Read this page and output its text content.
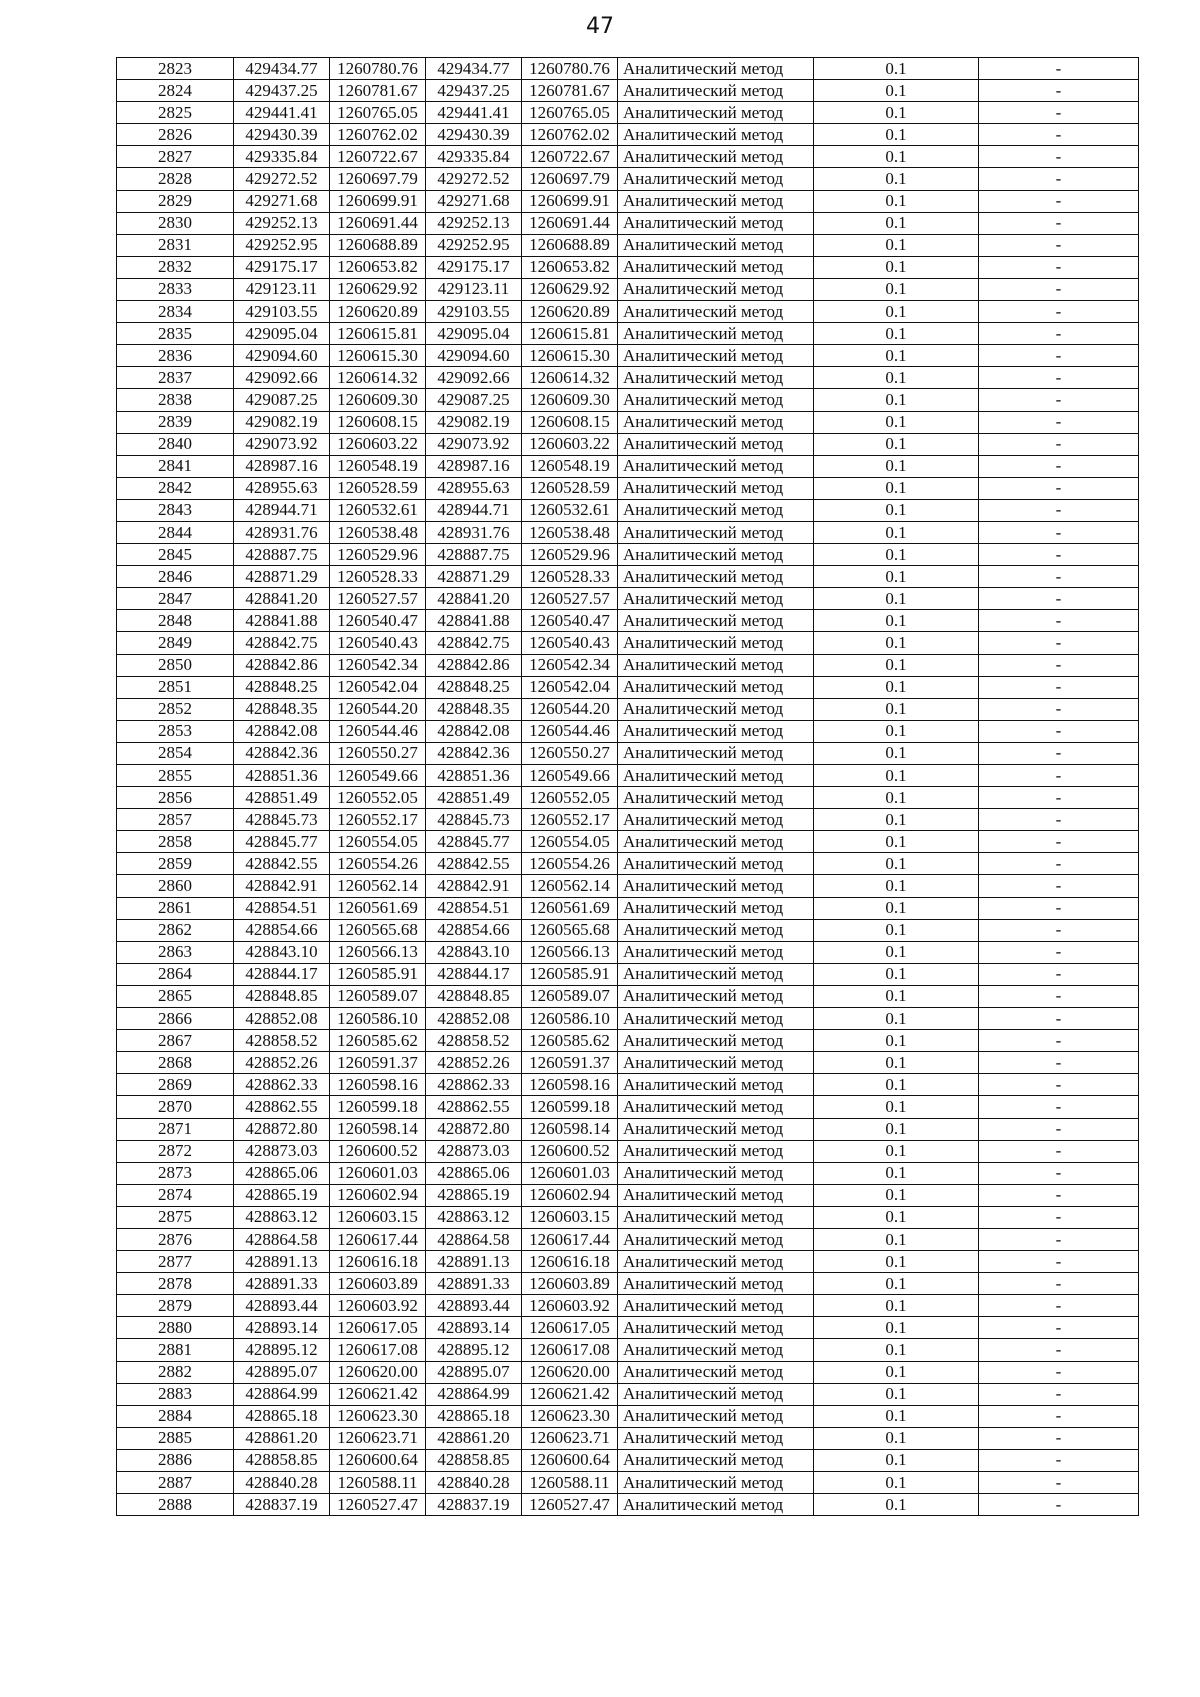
47
2823	429434.77	1260780.76	429434.77	1260780.76	Аналитический метод	0.1	-
2824	429437.25	1260781.67	429437.25	1260781.67	Аналитический метод	0.1	-
2825	429441.41	1260765.05	429441.41	1260765.05	Аналитический метод	0.1	-
2826	429430.39	1260762.02	429430.39	1260762.02	Аналитический метод	0.1	-
2827	429335.84	1260722.67	429335.84	1260722.67	Аналитический метод	0.1	-
2828	429272.52	1260697.79	429272.52	1260697.79	Аналитический метод	0.1	-
2829	429271.68	1260699.91	429271.68	1260699.91	Аналитический метод	0.1	-
2830	429252.13	1260691.44	429252.13	1260691.44	Аналитический метод	0.1	-
2831	429252.95	1260688.89	429252.95	1260688.89	Аналитический метод	0.1	-
2832	429175.17	1260653.82	429175.17	1260653.82	Аналитический метод	0.1	-
2833	429123.11	1260629.92	429123.11	1260629.92	Аналитический метод	0.1	-
2834	429103.55	1260620.89	429103.55	1260620.89	Аналитический метод	0.1	-
2835	429095.04	1260615.81	429095.04	1260615.81	Аналитический метод	0.1	-
2836	429094.60	1260615.30	429094.60	1260615.30	Аналитический метод	0.1	-
2837	429092.66	1260614.32	429092.66	1260614.32	Аналитический метод	0.1	-
2838	429087.25	1260609.30	429087.25	1260609.30	Аналитический метод	0.1	-
2839	429082.19	1260608.15	429082.19	1260608.15	Аналитический метод	0.1	-
2840	429073.92	1260603.22	429073.92	1260603.22	Аналитический метод	0.1	-
2841	428987.16	1260548.19	428987.16	1260548.19	Аналитический метод	0.1	-
2842	428955.63	1260528.59	428955.63	1260528.59	Аналитический метод	0.1	-
2843	428944.71	1260532.61	428944.71	1260532.61	Аналитический метод	0.1	-
2844	428931.76	1260538.48	428931.76	1260538.48	Аналитический метод	0.1	-
2845	428887.75	1260529.96	428887.75	1260529.96	Аналитический метод	0.1	-
2846	428871.29	1260528.33	428871.29	1260528.33	Аналитический метод	0.1	-
2847	428841.20	1260527.57	428841.20	1260527.57	Аналитический метод	0.1	-
2848	428841.88	1260540.47	428841.88	1260540.47	Аналитический метод	0.1	-
2849	428842.75	1260540.43	428842.75	1260540.43	Аналитический метод	0.1	-
2850	428842.86	1260542.34	428842.86	1260542.34	Аналитический метод	0.1	-
2851	428848.25	1260542.04	428848.25	1260542.04	Аналитический метод	0.1	-
2852	428848.35	1260544.20	428848.35	1260544.20	Аналитический метод	0.1	-
2853	428842.08	1260544.46	428842.08	1260544.46	Аналитический метод	0.1	-
2854	428842.36	1260550.27	428842.36	1260550.27	Аналитический метод	0.1	-
2855	428851.36	1260549.66	428851.36	1260549.66	Аналитический метод	0.1	-
2856	428851.49	1260552.05	428851.49	1260552.05	Аналитический метод	0.1	-
2857	428845.73	1260552.17	428845.73	1260552.17	Аналитический метод	0.1	-
2858	428845.77	1260554.05	428845.77	1260554.05	Аналитический метод	0.1	-
2859	428842.55	1260554.26	428842.55	1260554.26	Аналитический метод	0.1	-
2860	428842.91	1260562.14	428842.91	1260562.14	Аналитический метод	0.1	-
2861	428854.51	1260561.69	428854.51	1260561.69	Аналитический метод	0.1	-
2862	428854.66	1260565.68	428854.66	1260565.68	Аналитический метод	0.1	-
2863	428843.10	1260566.13	428843.10	1260566.13	Аналитический метод	0.1	-
2864	428844.17	1260585.91	428844.17	1260585.91	Аналитический метод	0.1	-
2865	428848.85	1260589.07	428848.85	1260589.07	Аналитический метод	0.1	-
2866	428852.08	1260586.10	428852.08	1260586.10	Аналитический метод	0.1	-
2867	428858.52	1260585.62	428858.52	1260585.62	Аналитический метод	0.1	-
2868	428852.26	1260591.37	428852.26	1260591.37	Аналитический метод	0.1	-
2869	428862.33	1260598.16	428862.33	1260598.16	Аналитический метод	0.1	-
2870	428862.55	1260599.18	428862.55	1260599.18	Аналитический метод	0.1	-
2871	428872.80	1260598.14	428872.80	1260598.14	Аналитический метод	0.1	-
2872	428873.03	1260600.52	428873.03	1260600.52	Аналитический метод	0.1	-
2873	428865.06	1260601.03	428865.06	1260601.03	Аналитический метод	0.1	-
2874	428865.19	1260602.94	428865.19	1260602.94	Аналитический метод	0.1	-
2875	428863.12	1260603.15	428863.12	1260603.15	Аналитический метод	0.1	-
2876	428864.58	1260617.44	428864.58	1260617.44	Аналитический метод	0.1	-
2877	428891.13	1260616.18	428891.13	1260616.18	Аналитический метод	0.1	-
2878	428891.33	1260603.89	428891.33	1260603.89	Аналитический метод	0.1	-
2879	428893.44	1260603.92	428893.44	1260603.92	Аналитический метод	0.1	-
2880	428893.14	1260617.05	428893.14	1260617.05	Аналитический метод	0.1	-
2881	428895.12	1260617.08	428895.12	1260617.08	Аналитический метод	0.1	-
2882	428895.07	1260620.00	428895.07	1260620.00	Аналитический метод	0.1	-
2883	428864.99	1260621.42	428864.99	1260621.42	Аналитический метод	0.1	-
2884	428865.18	1260623.30	428865.18	1260623.30	Аналитический метод	0.1	-
2885	428861.20	1260623.71	428861.20	1260623.71	Аналитический метод	0.1	-
2886	428858.85	1260600.64	428858.85	1260600.64	Аналитический метод	0.1	-
2887	428840.28	1260588.11	428840.28	1260588.11	Аналитический метод	0.1	-
2888	428837.19	1260527.47	428837.19	1260527.47	Аналитический метод	0.1	-
